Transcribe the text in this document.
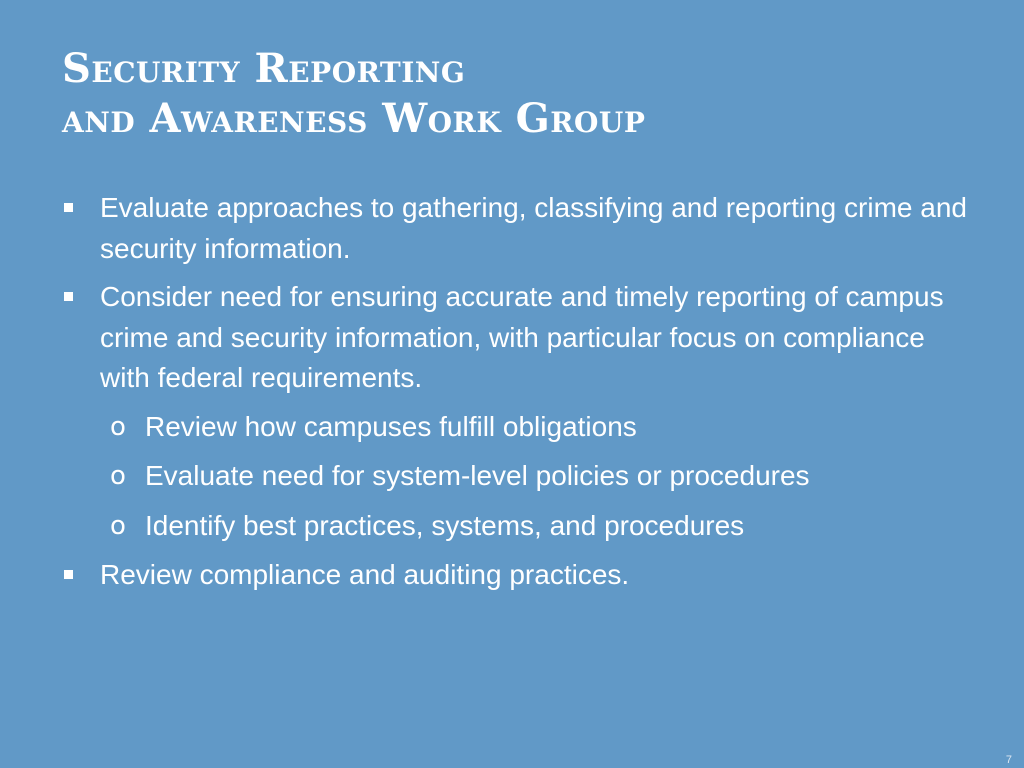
Security Reporting
and Awareness Work Group
Evaluate approaches to gathering, classifying and reporting crime and security information.
Consider need for ensuring accurate and timely reporting of campus crime and security information, with particular focus on compliance with federal requirements.
o Review how campuses fulfill obligations
o Evaluate need for system-level policies or procedures
o Identify best practices, systems, and procedures
Review compliance and auditing practices.
7
